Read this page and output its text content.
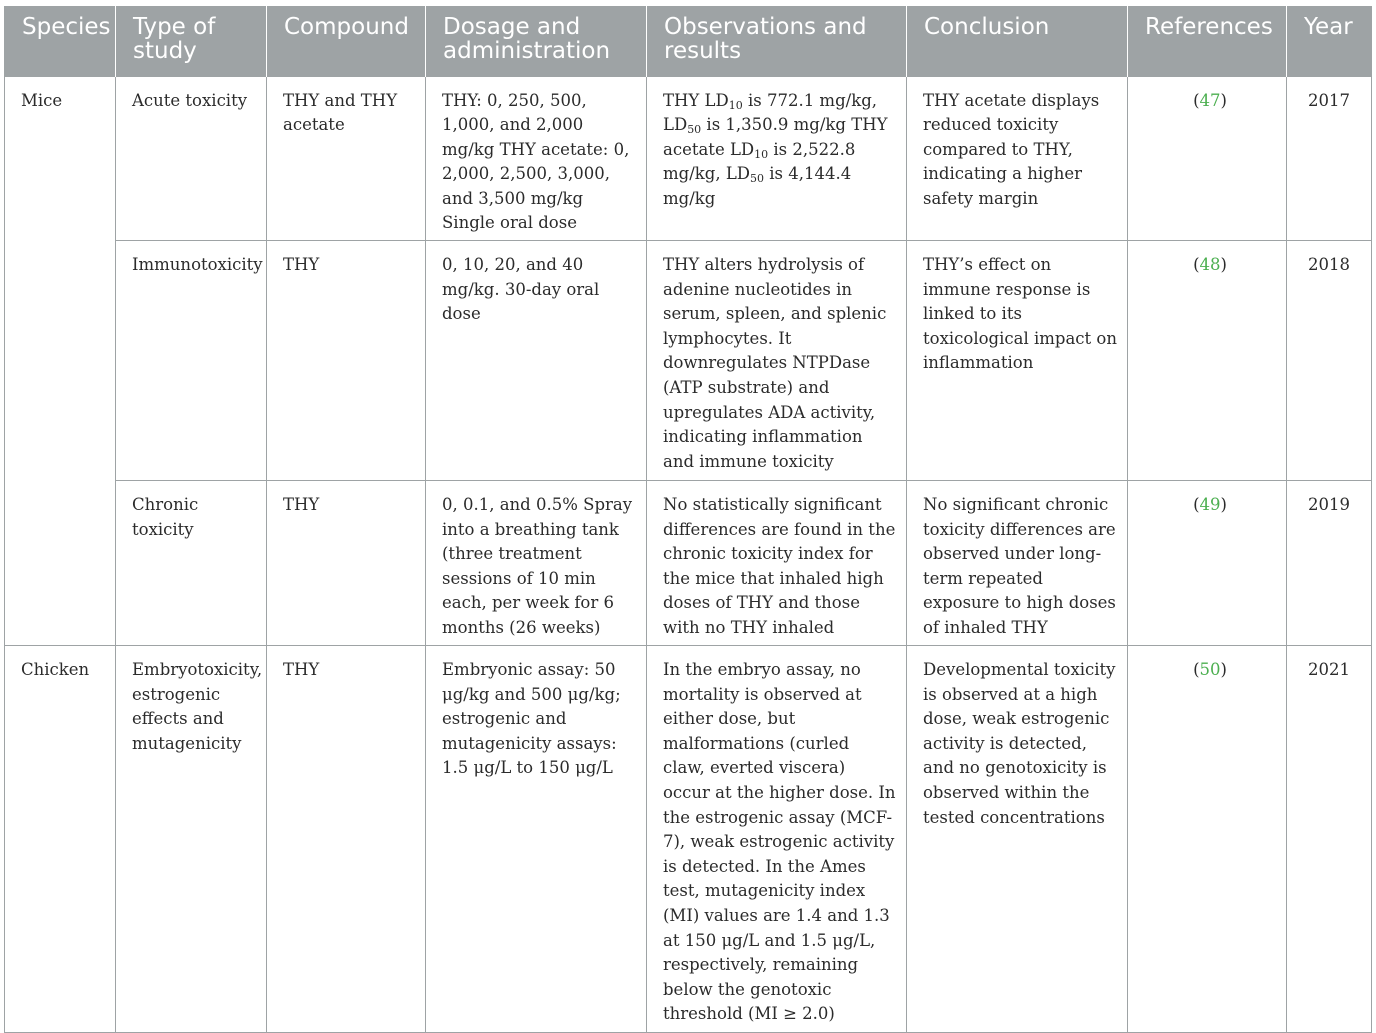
Species	Type of study	Compound	Dosage and administration	Observations and results	Conclusion	References	Year
Mice	Acute toxicity	THY and THY acetate	THY: 0, 250, 500, 1,000, and 2,000 mg/kg THY acetate: 0, 2,000, 2,500, 3,000, and 3,500 mg/kg Single oral dose	THY $LD_{10}$ is 772.1 mg/kg, $LD_{50}$ is 1,350.9 mg/kg THY acetate $LD_{10}$ is 2,522.8 mg/kg, $LD_{50}$ is 4,144.4 mg/kg	THY acetate displays reduced toxicity compared to THY, indicating a higher safety margin	(47)	2017
	Immunotoxicity	THY	0, 10, 20, and 40 mg/kg. 30-day oral dose	THY alters hydrolysis of adenine nucleotides in serum, spleen, and splenic lymphocytes. It downregulates NTPDase (ATP substrate) and upregulates ADA activity, indicating inflammation and immune toxicity	THY’s effect on immune response is linked to its toxicological impact on inflammation	(48)	2018
	Chronic toxicity	THY	0, 0.1, and 0.5% Spray into a breathing tank (three treatment sessions of 10 min each, per week for 6 months (26 weeks)	No statistically significant differences are found in the chronic toxicity index for the mice that inhaled high doses of THY and those with no THY inhaled	No significant chronic toxicity differences are observed under long-term repeated exposure to high doses of inhaled THY	(49)	2019
Chicken	Embryotoxicity, estrogenic effects and mutagenicity	THY	Embryonic assay: 50 μg/kg and 500 μg/kg; estrogenic and mutagenicity assays: 1.5 μg/L to 150 μg/L	In the embryo assay, no mortality is observed at either dose, but malformations (curled claw, everted viscera) occur at the higher dose. In the estrogenic assay (MCF-7), weak estrogenic activity is detected. In the Ames test, mutagenicity index (MI) values are 1.4 and 1.3 at 150 μg/L and 1.5 μg/L, respectively, remaining below the genotoxic threshold (MI ≥ 2.0)	Developmental toxicity is observed at a high dose, weak estrogenic activity is detected, and no genotoxicity is observed within the tested concentrations	(50)	2021
